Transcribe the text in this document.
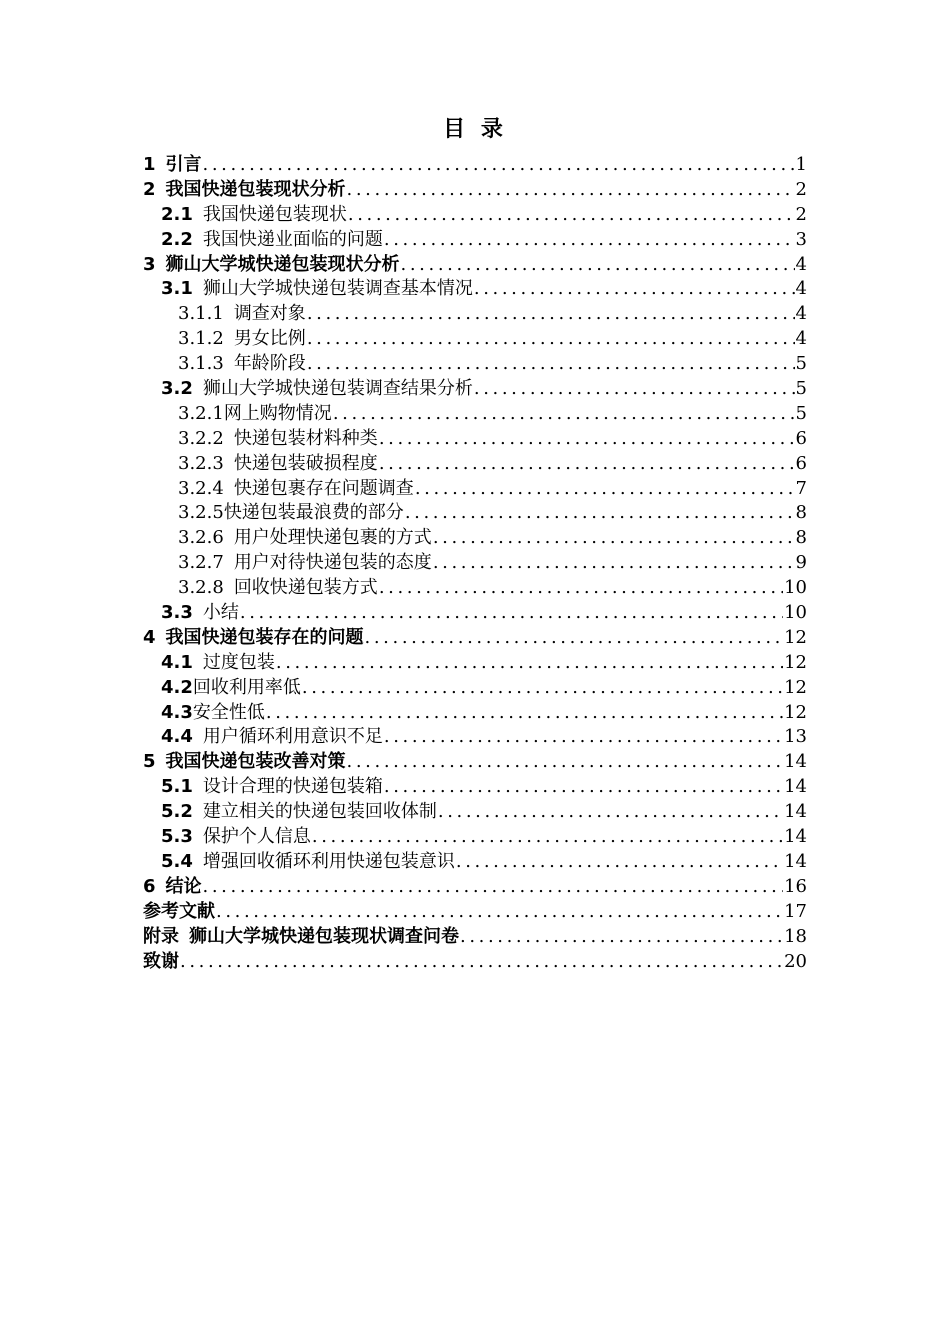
目 录
1 引言 .....	1
2 我国快递包装现状分析 .....	2
2.1 我国快递包装现状 .....	2
2.2 我国快递业面临的问题 .....	3
3 狮山大学城快递包装现状分析 .....	4
3.1 狮山大学城快递包装调查基本情况 .....	4
3.1.1 调查对象 .....	4
3.1.2 男女比例 .....	4
3.1.3 年龄阶段 .....	5
3.2 狮山大学城快递包装调查结果分析 .....	5
3.2.1网上购物情况 .....	5
3.2.2 快递包装材料种类 .....	6
3.2.3 快递包装破损程度 .....	6
3.2.4 快递包裹存在问题调查 .....	7
3.2.5快递包装最浪费的部分 .....	8
3.2.6 用户处理快递包裹的方式 .....	8
3.2.7 用户对待快递包装的态度 .....	9
3.2.8 回收快递包装方式 .....	10
3.3 小结 .....	10
4 我国快递包装存在的问题 .....	12
4.1 过度包装 .....	12
4.2回收利用率低 .....	12
4.3安全性低 .....	12
4.4 用户循环利用意识不足 .....	13
5 我国快递包装改善对策 .....	14
5.1 设计合理的快递包装箱 .....	14
5.2 建立相关的快递包装回收体制 .....	14
5.3 保护个人信息 .....	14
5.4 增强回收循环利用快递包装意识 .....	14
6 结论 .....	16
参考文献 .....	17
附录 狮山大学城快递包装现状调查问卷 .....	18
致谢 .....	20
